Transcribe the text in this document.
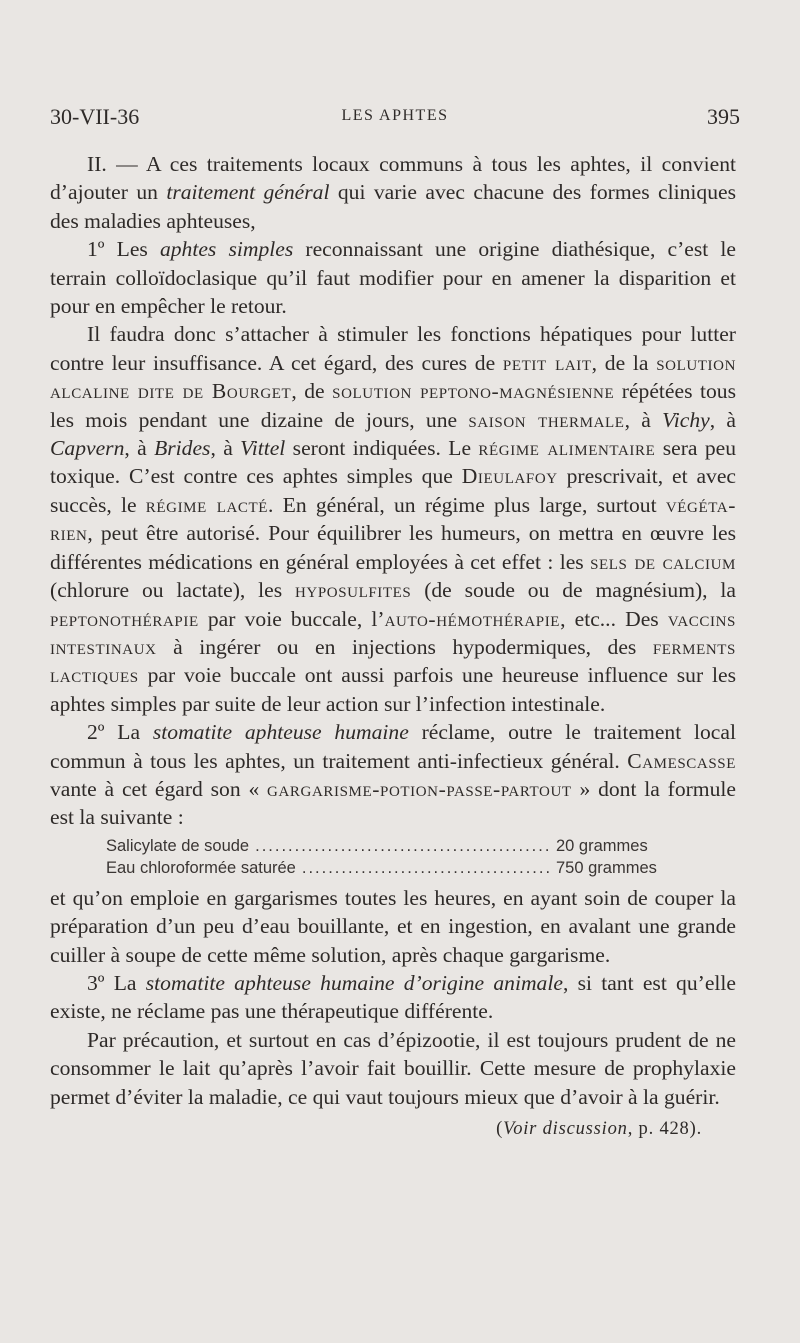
30-VII-36	LES APHTES	395

II. — A ces traitements locaux communs à tous les aphtes, il convient d’ajouter un traitement général qui varie avec chacune des formes cliniques des maladies aphteuses,

1º Les aphtes simples reconnaissant une origine diathésique, c’est le terrain colloïdoclasique qu’il faut modifier pour en amener la disparition et pour en empêcher le retour.

Il faudra donc s’attacher à stimuler les fonctions hépatiques pour lutter contre leur insuffisance. A cet égard, des cures de petit lait, de la solution alcaline dite de Bourget, de solution peptono-magnésienne répétées tous les mois pendant une dizaine de jours, une saison thermale, à Vichy, à Capvern, à Brides, à Vittel seront indiquées. Le régime alimentaire sera peu toxique. C’est contre ces aphtes simples que Dieulafoy prescrivait, et avec succès, le régime lacté. En général, un régime plus large, surtout végéta-rien, peut être autorisé. Pour équilibrer les humeurs, on mettra en œuvre les différentes médications en général employées à cet effet : les sels de calcium (chlorure ou lactate), les hyposulfites (de soude ou de magnésium), la peptonothérapie par voie buccale, l’auto-hémothérapie, etc... Des vaccins intestinaux à ingérer ou en injections hypodermiques, des ferments lactiques par voie buccale ont aussi parfois une heureuse influence sur les aphtes simples par suite de leur action sur l’infection intestinale.

2º La stomatite aphteuse humaine réclame, outre le traitement local commun à tous les aphtes, un traitement anti-infectieux général. Camescasse vante à cet égard son « gargarisme-potion-passe-partout » dont la formule est la suivante :

Salicylate de soude .....	20 grammes
Eau chloroformée saturée .....	750 grammes

et qu’on emploie en gargarismes toutes les heures, en ayant soin de couper la préparation d’un peu d’eau bouillante, et en ingestion, en avalant une grande cuiller à soupe de cette même solution, après chaque gargarisme.

3º La stomatite aphteuse humaine d’origine animale, si tant est qu’elle existe, ne réclame pas une thérapeutique différente.

Par précaution, et surtout en cas d’épizootie, il est toujours prudent de ne consommer le lait qu’après l’avoir fait bouillir. Cette mesure de prophylaxie permet d’éviter la maladie, ce qui vaut toujours mieux que d’avoir à la guérir.

(Voir discussion, p. 428).
